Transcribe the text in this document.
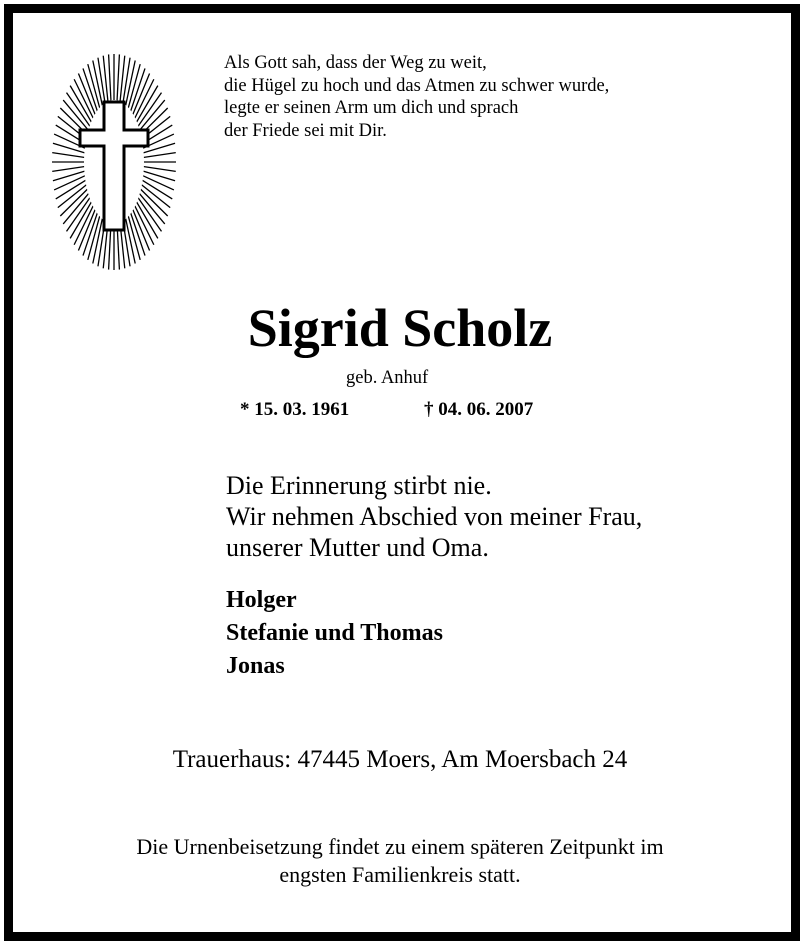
Als Gott sah, dass der Weg zu weit,
die Hügel zu hoch und das Atmen zu schwer wurde,
legte er seinen Arm um dich und sprach
der Friede sei mit Dir.
Sigrid Scholz
geb. Anhuf
* 15. 03. 1961	† 04. 06. 2007
Die Erinnerung stirbt nie.
Wir nehmen Abschied von meiner Frau,
unserer Mutter und Oma.
Holger
Stefanie und Thomas
Jonas
Trauerhaus: 47445 Moers, Am Moersbach 24
Die Urnenbeisetzung findet zu einem späteren Zeitpunkt im
engsten Familienkreis statt.
